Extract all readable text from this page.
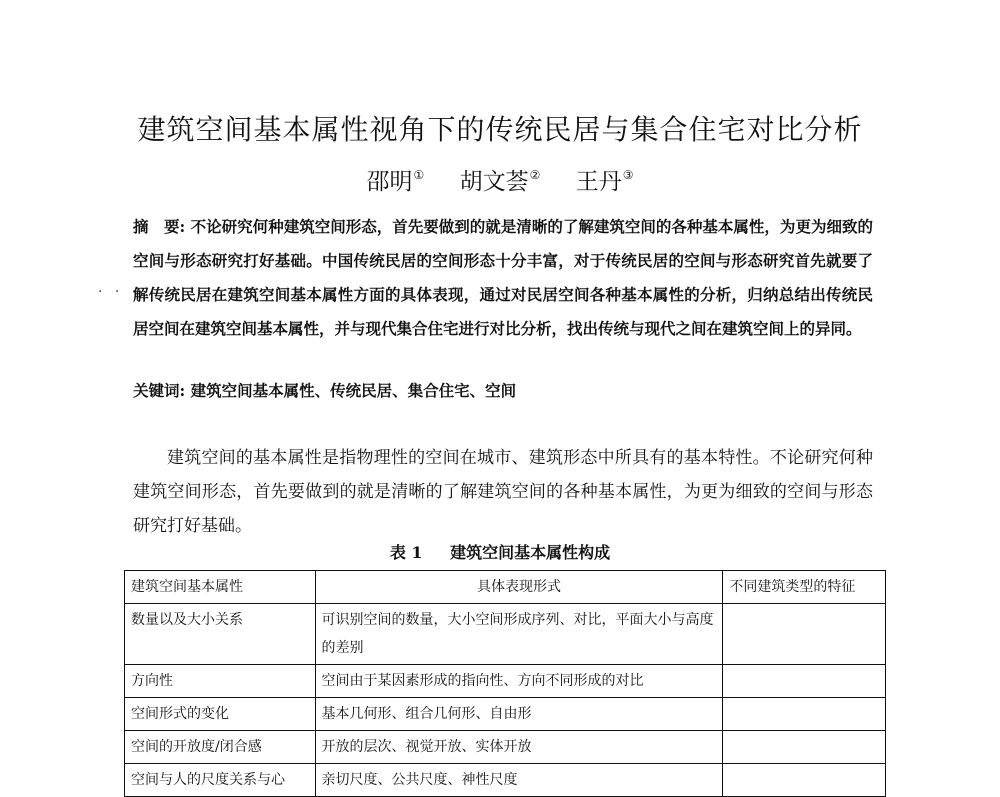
建筑空间基本属性视角下的传统民居与集合住宅对比分析
邵明① 胡文荟② 王丹③
· · ·
摘　要: 不论研究何种建筑空间形态，首先要做到的就是清晰的了解建筑空间的各种基本属性，为更为细致的空间与形态研究打好基础。中国传统民居的空间形态十分丰富，对于传统民居的空间与形态研究首先就要了解传统民居在建筑空间基本属性方面的具体表现，通过对民居空间各种基本属性的分析，归纳总结出传统民居空间在建筑空间基本属性，并与现代集合住宅进行对比分析，找出传统与现代之间在建筑空间上的异同。
关键词: 建筑空间基本属性、传统民居、集合住宅、空间
建筑空间的基本属性是指物理性的空间在城市、建筑形态中所具有的基本特性。不论研究何种建筑空间形态，首先要做到的就是清晰的了解建筑空间的各种基本属性，为更为细致的空间与形态研究打好基础。
表 1 建筑空间基本属性构成
建筑空间基本属性	具体表现形式	不同建筑类型的特征
数量以及大小关系	可识别空间的数量，大小空间形成序列、对比，平面大小与高度的差别	
方向性	空间由于某因素形成的指向性、方向不同形成的对比	
空间形式的变化	基本几何形、组合几何形、自由形	
空间的开放度/闭合感	开放的层次、视觉开放、实体开放	
空间与人的尺度关系与心	亲切尺度、公共尺度、神性尺度	
